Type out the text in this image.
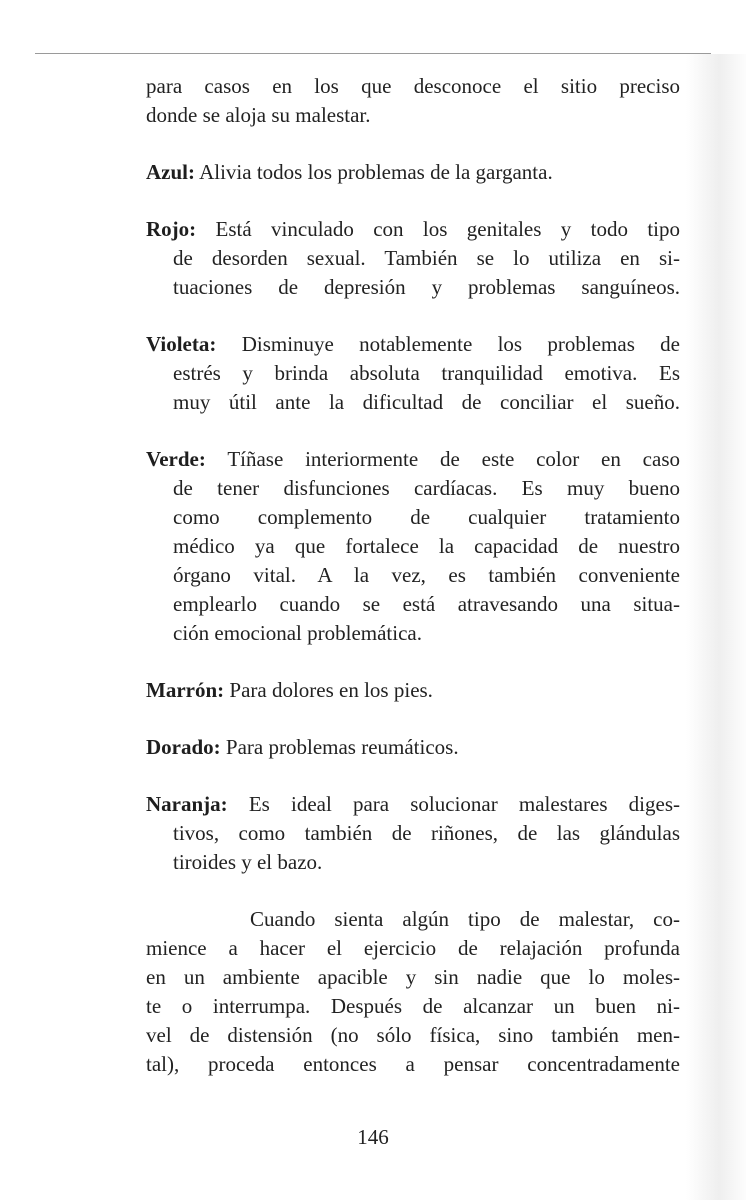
para casos en los que desconoce el sitio preciso
donde se aloja su malestar.
Azul: Alivia todos los problemas de la garganta.
Rojo: Está vinculado con los genitales y todo tipo
de desorden sexual. También se lo utiliza en si-
tuaciones de depresión y problemas sanguíneos.
Violeta: Disminuye notablemente los problemas de
estrés y brinda absoluta tranquilidad emotiva. Es
muy útil ante la dificultad de conciliar el sueño.
Verde: Tíñase interiormente de este color en caso
de tener disfunciones cardíacas. Es muy bueno
como complemento de cualquier tratamiento
médico ya que fortalece la capacidad de nuestro
órgano vital. A la vez, es también conveniente
emplearlo cuando se está atravesando una situa-
ción emocional problemática.
Marrón: Para dolores en los pies.
Dorado: Para problemas reumáticos.
Naranja: Es ideal para solucionar malestares diges-
tivos, como también de riñones, de las glándulas
tiroides y el bazo.
Cuando sienta algún tipo de malestar, co-
mience a hacer el ejercicio de relajación profunda
en un ambiente apacible y sin nadie que lo moles-
te o interrumpa. Después de alcanzar un buen ni-
vel de distensión (no sólo física, sino también men-
tal), proceda entonces a pensar concentradamente
146
